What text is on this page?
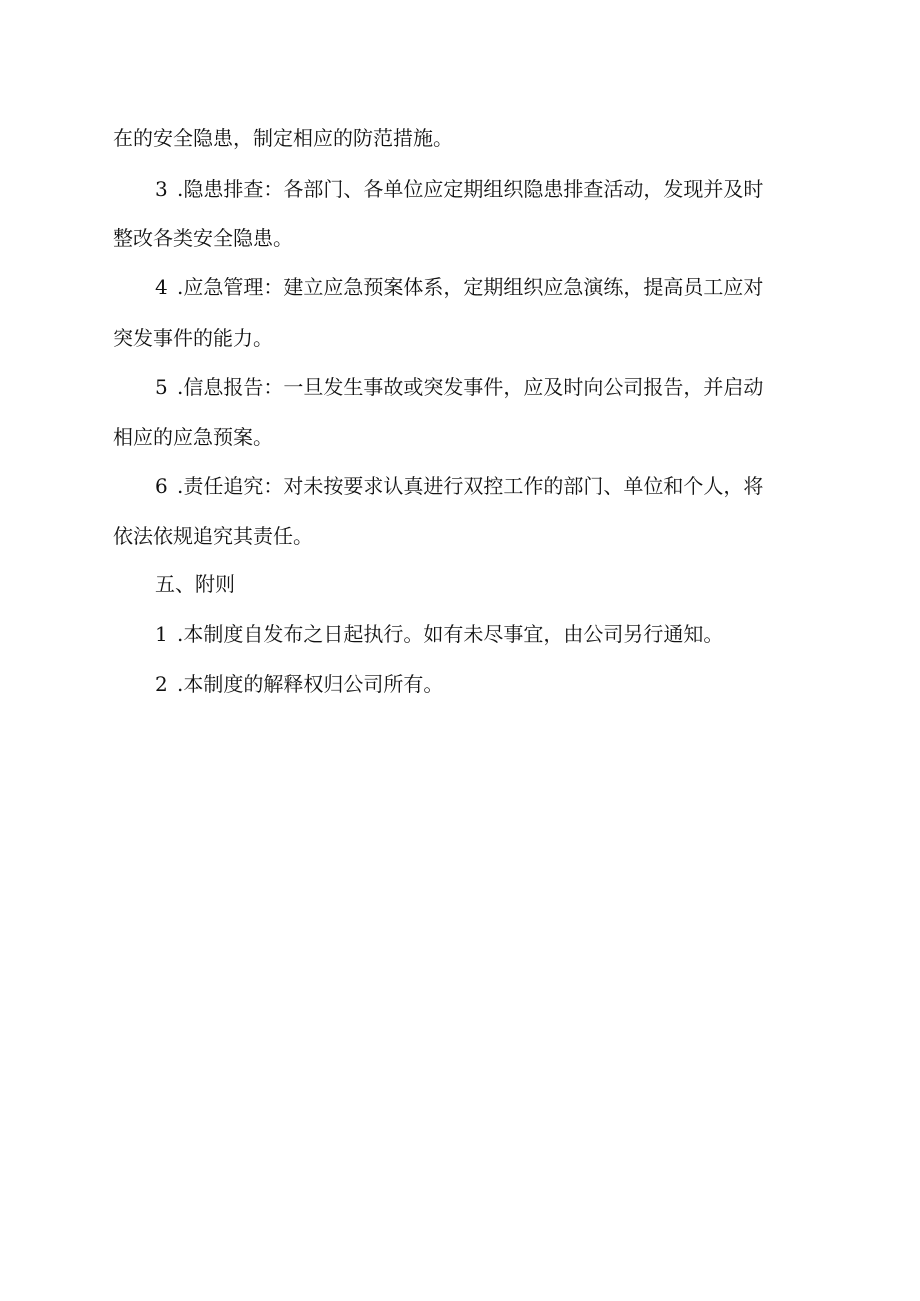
在的安全隐患，制定相应的防范措施。
3 .隐患排查：各部门、各单位应定期组织隐患排查活动，发现并及时
整改各类安全隐患。
4 .应急管理：建立应急预案体系，定期组织应急演练，提高员工应对
突发事件的能力。
5 .信息报告：一旦发生事故或突发事件，应及时向公司报告，并启动
相应的应急预案。
6 .责任追究：对未按要求认真进行双控工作的部门、单位和个人，将
依法依规追究其责任。
五、附则
1 .本制度自发布之日起执行。如有未尽事宜，由公司另行通知。
2 .本制度的解释权归公司所有。
